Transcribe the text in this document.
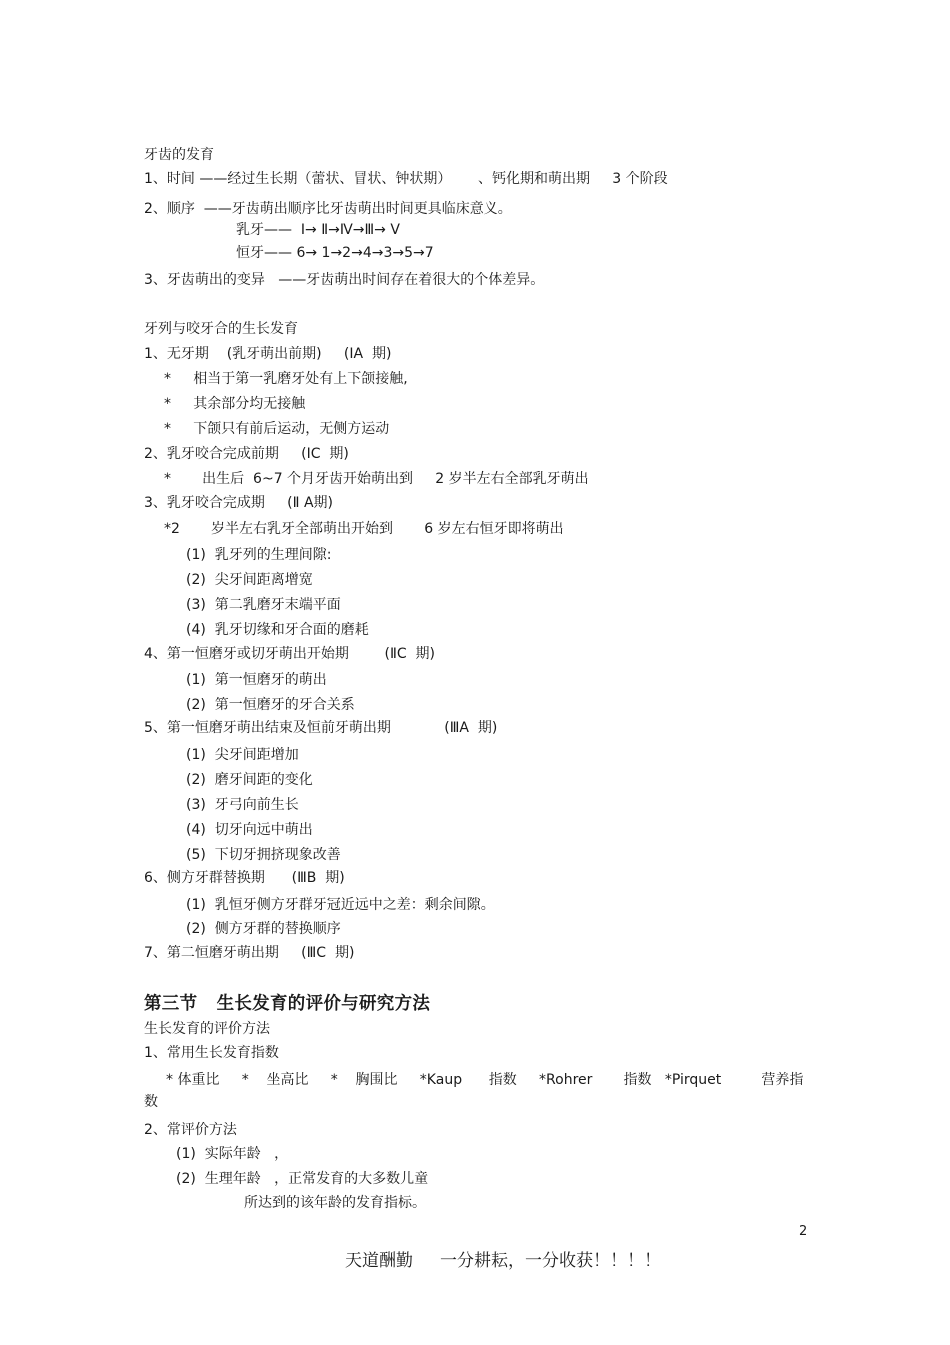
牙齿的发育
1、时间 ——经过生长期（蕾状、冒状、钟状期）      、钙化期和萌出期     3 个阶段
2、顺序  ——牙齿萌出顺序比牙齿萌出时间更具临床意义。
乳牙——  Ⅰ→ Ⅱ→Ⅳ→Ⅲ→ Ⅴ
恒牙—— 6→ 1→2→4→3→5→7
3、牙齿萌出的变异   ——牙齿萌出时间存在着很大的个体差异。
牙列与咬牙合的生长发育
1、无牙期    (乳牙萌出前期)     (ⅠA  期)
*     相当于第一乳磨牙处有上下颌接触,
*     其余部分均无接触
*     下颌只有前后运动，无侧方运动
2、乳牙咬合完成前期     (ⅠC  期)
*       出生后  6~7 个月牙齿开始萌出到     2 岁半左右全部乳牙萌出
3、乳牙咬合完成期     (Ⅱ A期)
*2       岁半左右乳牙全部萌出开始到       6 岁左右恒牙即将萌出
(1)  乳牙列的生理间隙:
(2)  尖牙间距离增宽
(3)  第二乳磨牙末端平面
(4)  乳牙切缘和牙合面的磨耗
4、第一恒磨牙或切牙萌出开始期        (ⅡC  期)
(1)  第一恒磨牙的萌出
(2)  第一恒磨牙的牙合关系
5、第一恒磨牙萌出结束及恒前牙萌出期            (ⅢA  期)
(1)  尖牙间距增加
(2)  磨牙间距的变化
(3)  牙弓向前生长
(4)  切牙向远中萌出
(5)  下切牙拥挤现象改善
6、侧方牙群替换期      (ⅢB  期)
(1)  乳恒牙侧方牙群牙冠近远中之差：剩余间隙。
(2)  侧方牙群的替换顺序
7、第二恒磨牙萌出期     (ⅢC  期)
第三节   生长发育的评价与研究方法
生长发育的评价方法
1、常用生长发育指数
* 体重比     *    坐高比     *    胸围比     *Kaup      指数     *Rohrer       指数   *Pirquet         营养指
数
2、常评价方法
(1)  实际年龄   ，
(2)  生理年龄   ，正常发育的大多数儿童
所达到的该年龄的发育指标。
2
天道酬勤     一分耕耘，一分收获！！！！
